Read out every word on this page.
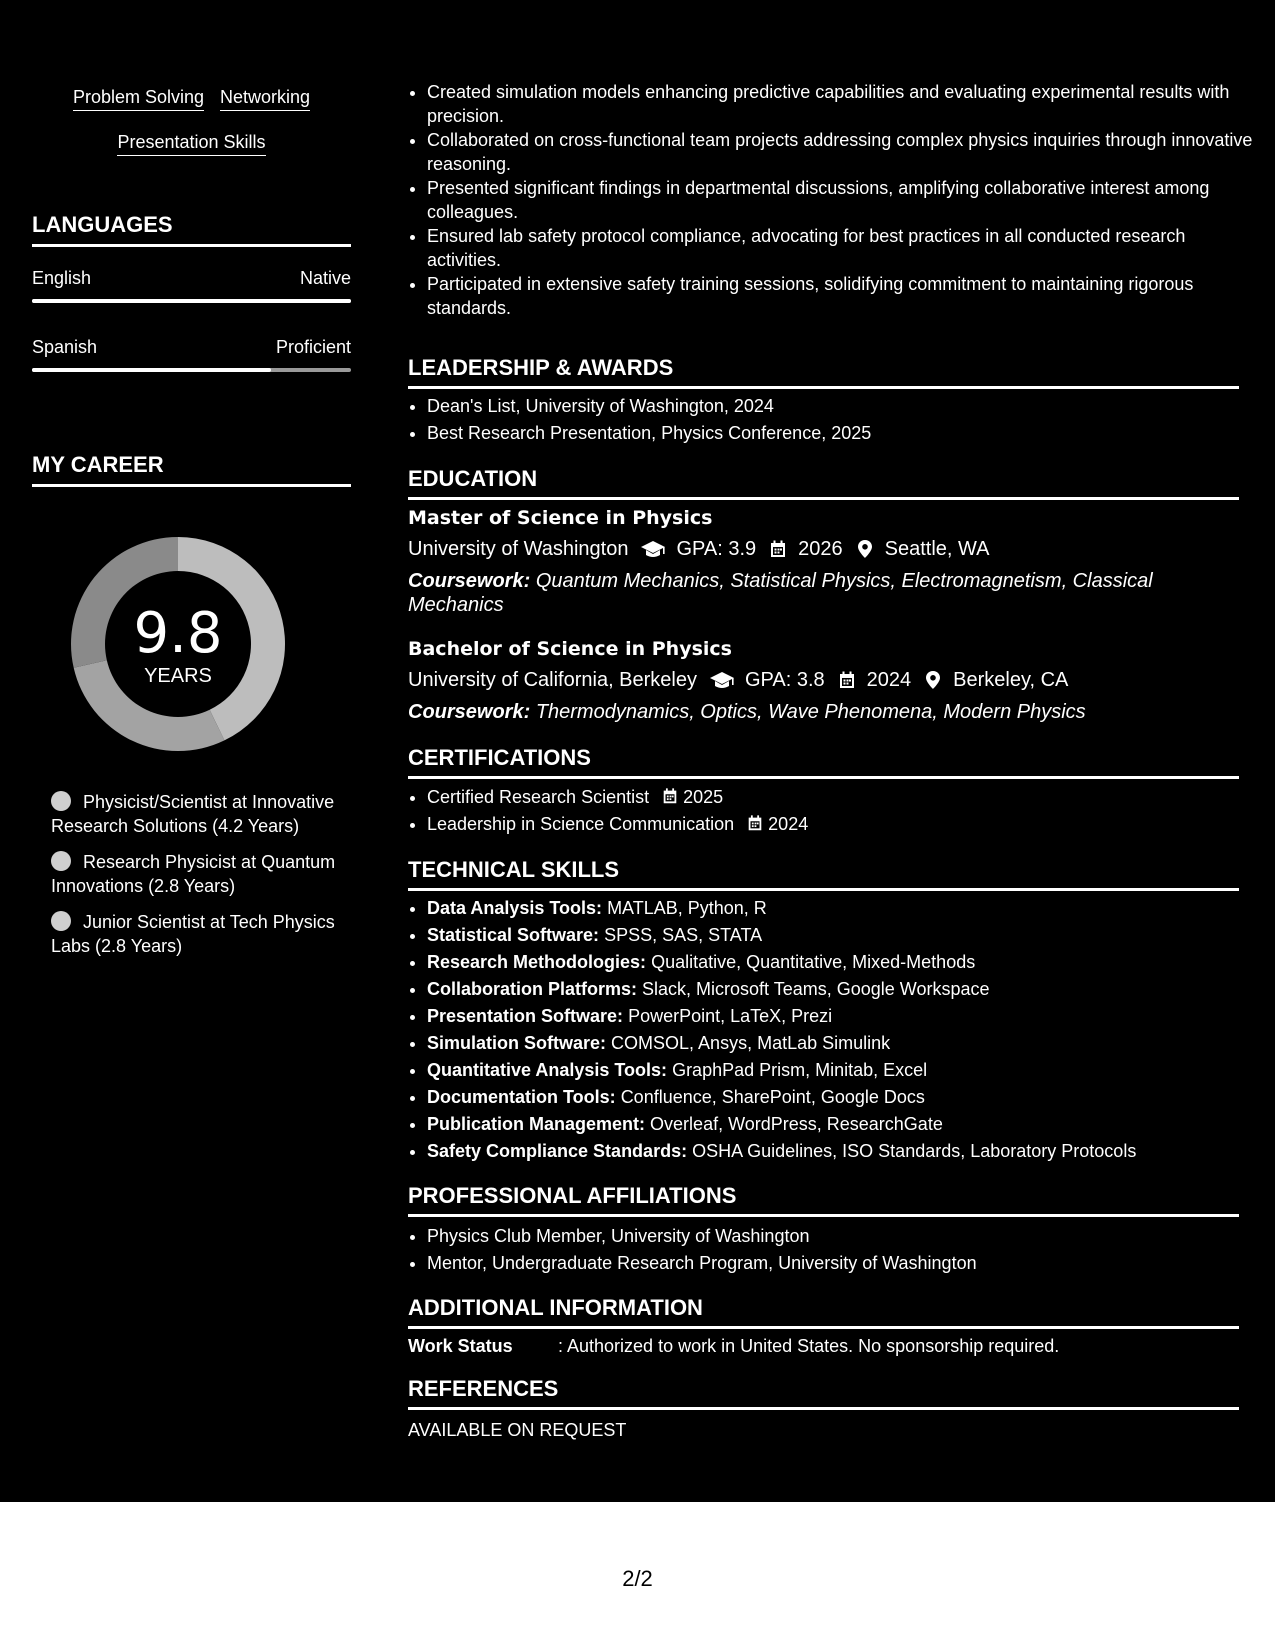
Problem Solving Networking
Presentation Skills
LANGUAGES
English	Native
Spanish	Proficient
MY CAREER
9.8
YEARS
Physicist/Scientist at Innovative Research Solutions (4.2 Years)
Research Physicist at Quantum Innovations (2.8 Years)
Junior Scientist at Tech Physics Labs (2.8 Years)
• Created simulation models enhancing predictive capabilities and evaluating experimental results with precision.
• Collaborated on cross-functional team projects addressing complex physics inquiries through innovative reasoning.
• Presented significant findings in departmental discussions, amplifying collaborative interest among colleagues.
• Ensured lab safety protocol compliance, advocating for best practices in all conducted research activities.
• Participated in extensive safety training sessions, solidifying commitment to maintaining rigorous standards.
LEADERSHIP & AWARDS
• Dean's List, University of Washington, 2024
• Best Research Presentation, Physics Conference, 2025
EDUCATION
Master of Science in Physics
University of Washington GPA: 3.9 2026 Seattle, WA
Coursework: Quantum Mechanics, Statistical Physics, Electromagnetism, Classical Mechanics
Bachelor of Science in Physics
University of California, Berkeley GPA: 3.8 2024 Berkeley, CA
Coursework: Thermodynamics, Optics, Wave Phenomena, Modern Physics
CERTIFICATIONS
• Certified Research Scientist 2025
• Leadership in Science Communication 2024
TECHNICAL SKILLS
• Data Analysis Tools: MATLAB, Python, R
• Statistical Software: SPSS, SAS, STATA
• Research Methodologies: Qualitative, Quantitative, Mixed-Methods
• Collaboration Platforms: Slack, Microsoft Teams, Google Workspace
• Presentation Software: PowerPoint, LaTeX, Prezi
• Simulation Software: COMSOL, Ansys, MatLab Simulink
• Quantitative Analysis Tools: GraphPad Prism, Minitab, Excel
• Documentation Tools: Confluence, SharePoint, Google Docs
• Publication Management: Overleaf, WordPress, ResearchGate
• Safety Compliance Standards: OSHA Guidelines, ISO Standards, Laboratory Protocols
PROFESSIONAL AFFILIATIONS
• Physics Club Member, University of Washington
• Mentor, Undergraduate Research Program, University of Washington
ADDITIONAL INFORMATION
Work Status	: Authorized to work in United States. No sponsorship required.
REFERENCES
AVAILABLE ON REQUEST
2/2
